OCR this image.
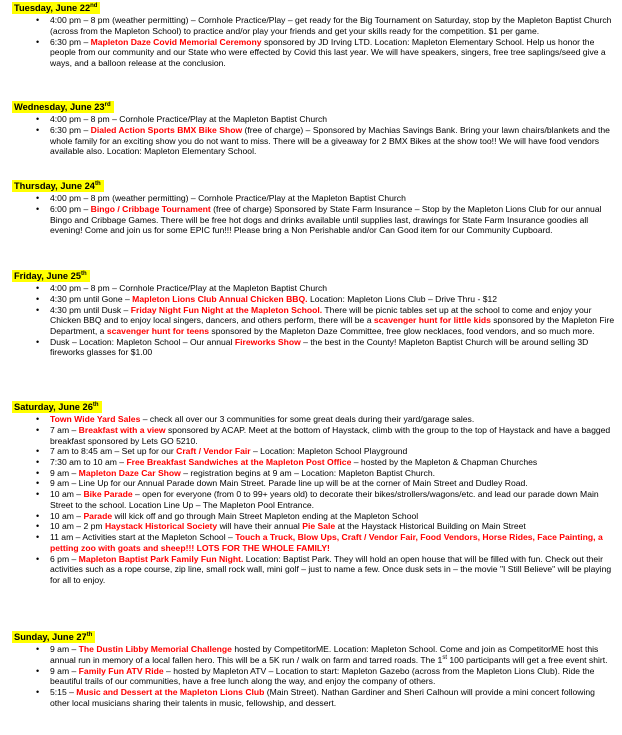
Tuesday, June 22nd
• 4:00 pm – 8 pm (weather permitting) – Cornhole Practice/Play – get ready for the Big Tournament on Saturday, stop by the Mapleton Baptist Church (across from the Mapleton School) to practice and/or play your friends and get your skills ready for the competition. $1 per game.
• 6:30 pm – Mapleton Daze Covid Memorial Ceremony sponsored by JD Irving LTD. Location: Mapleton Elementary School. Help us honor the people from our community and our State who were effected by Covid this last year. We will have speakers, singers, free tree saplings/seed give a ways, and a balloon release at the conclusion.
Wednesday, June 23rd
• 4:00 pm – 8 pm – Cornhole Practice/Play at the Mapleton Baptist Church
• 6:30 pm – Dialed Action Sports BMX Bike Show (free of charge) – Sponsored by Machias Savings Bank. Bring your lawn chairs/blankets and the whole family for an exciting show you do not want to miss. There will be a giveaway for 2 BMX Bikes at the show too!! We will have food vendors available also. Location: Mapleton Elementary School.
Thursday, June 24th
• 4:00 pm – 8 pm (weather permitting) – Cornhole Practice/Play at the Mapleton Baptist Church
• 6:00 pm – Bingo / Cribbage Tournament (free of charge) Sponsored by State Farm Insurance – Stop by the Mapleton Lions Club for our annual Bingo and Cribbage Games. There will be free hot dogs and drinks available until supplies last, drawings for State Farm Insurance goodies all evening! Come and join us for some EPIC fun!!! Please bring a Non Perishable and/or Can Good item for our Community Cupboard.
Friday, June 25th
• 4:00 pm – 8 pm – Cornhole Practice/Play at the Mapleton Baptist Church
• 4:30 pm until Gone – Mapleton Lions Club Annual Chicken BBQ. Location: Mapleton Lions Club – Drive Thru - $12
• 4:30 pm until Dusk – Friday Night Fun Night at the Mapleton School. There will be picnic tables set up at the school to come and enjoy your Chicken BBQ and to enjoy local singers, dancers, and others perform, there will be a scavenger hunt for little kids sponsored by the Mapleton Fire Department, a scavenger hunt for teens sponsored by the Mapleton Daze Committee, free glow necklaces, food vendors, and so much more.
• Dusk – Location: Mapleton School – Our annual Fireworks Show – the best in the County! Mapleton Baptist Church will be around selling 3D fireworks glasses for $1.00
Saturday, June 26th
• Town Wide Yard Sales – check all over our 3 communities for some great deals during their yard/garage sales.
• 7 am – Breakfast with a view sponsored by ACAP. Meet at the bottom of Haystack, climb with the group to the top of Haystack and have a bagged breakfast sponsored by Lets GO 5210.
• 7 am to 8:45 am – Set up for our Craft / Vendor Fair – Location: Mapleton School Playground
• 7:30 am to 10 am – Free Breakfast Sandwiches at the Mapleton Post Office – hosted by the Mapleton & Chapman Churches
• 9 am – Mapleton Daze Car Show – registration begins at 9 am – Location: Mapleton Baptist Church.
• 9 am – Line Up for our Annual Parade down Main Street. Parade line up will be at the corner of Main Street and Dudley Road.
• 10 am – Bike Parade – open for everyone (from 0 to 99+ years old) to decorate their bikes/strollers/wagons/etc. and lead our parade down Main Street to the school. Location Line Up – The Mapleton Pool Entrance.
• 10 am – Parade will kick off and go through Main Street Mapleton ending at the Mapleton School
• 10 am – 2 pm Haystack Historical Society will have their annual Pie Sale at the Haystack Historical Building on Main Street
• 11 am – Activities start at the Mapleton School – Touch a Truck, Blow Ups, Craft / Vendor Fair, Food Vendors, Horse Rides, Face Painting, a petting zoo with goats and sheep!!! LOTS FOR THE WHOLE FAMILY!
• 6 pm – Mapleton Baptist Park Family Fun Night. Location: Baptist Park. They will hold an open house that will be filled with fun. Check out their activities such as a rope course, zip line, small rock wall, mini golf – just to name a few. Once dusk sets in – the movie "I Still Believe" will be playing for all to enjoy.
Sunday, June 27th
• 9 am – The Dustin Libby Memorial Challenge hosted by CompetitorME. Location: Mapleton School. Come and join as CompetitorME host this annual run in memory of a local fallen hero. This will be a 5K run / walk on farm and tarred roads. The 1st 100 participants will get a free event shirt.
• 9 am – Family Fun ATV Ride – hosted by Mapleton ATV – Location to start: Mapleton Gazebo (across from the Mapleton Lions Club). Ride the beautiful trails of our communities, have a free lunch along the way, and enjoy the company of others.
• 5:15 – Music and Dessert at the Mapleton Lions Club (Main Street). Nathan Gardiner and Sheri Calhoun will provide a mini concert following other local musicians sharing their talents in music, fellowship, and dessert.
